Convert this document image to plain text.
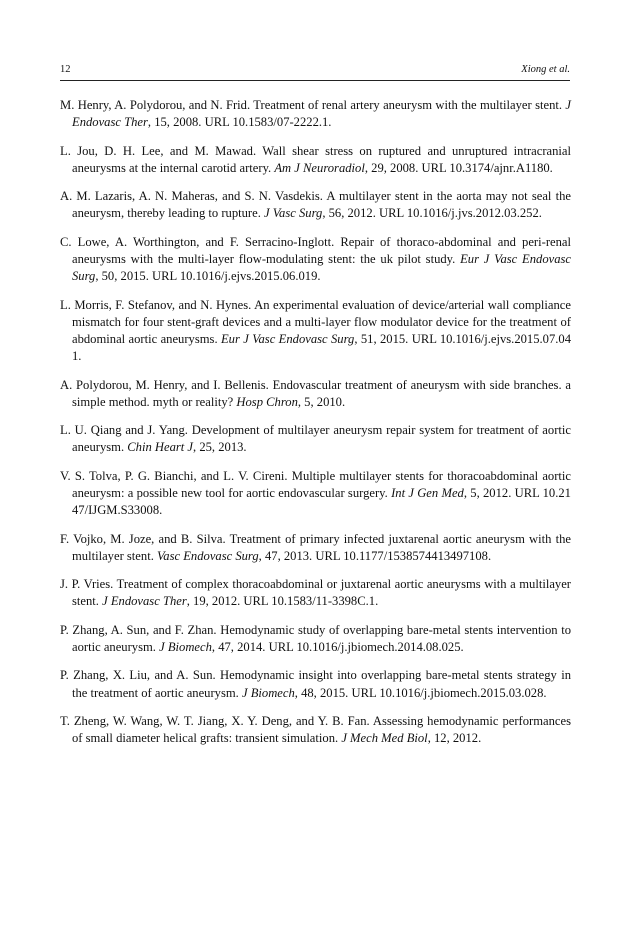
12	Xiong et al.

M. Henry, A. Polydorou, and N. Frid. Treatment of renal artery aneurysm with the multilayer stent. J Endovasc Ther, 15, 2008. URL 10.1583/07-2222.1.

L. Jou, D. H. Lee, and M. Mawad. Wall shear stress on ruptured and unruptured intracranial aneurysms at the internal carotid artery. Am J Neuroradiol, 29, 2008. URL 10.3174/ajnr.A1180.

A. M. Lazaris, A. N. Maheras, and S. N. Vasdekis. A multilayer stent in the aorta may not seal the aneurysm, thereby leading to rupture. J Vasc Surg, 56, 2012. URL 10.1016/j.jvs.2012.03.252.

C. Lowe, A. Worthington, and F. Serracino-Inglott. Repair of thoraco-abdominal and peri-renal aneurysms with the multi-layer flow-modulating stent: the uk pilot study. Eur J Vasc Endovasc Surg, 50, 2015. URL 10.1016/j.ejvs.2015.06.019.

L. Morris, F. Stefanov, and N. Hynes. An experimental evaluation of device/arterial wall compliance mismatch for four stent-graft devices and a multi-layer flow modulator device for the treatment of abdominal aortic aneurysms. Eur J Vasc Endovasc Surg, 51, 2015. URL 10.1016/j.ejvs.2015.07.041.

A. Polydorou, M. Henry, and I. Bellenis. Endovascular treatment of aneurysm with side branches. a simple method. myth or reality? Hosp Chron, 5, 2010.

L. U. Qiang and J. Yang. Development of multilayer aneurysm repair system for treatment of aortic aneurysm. Chin Heart J, 25, 2013.

V. S. Tolva, P. G. Bianchi, and L. V. Cireni. Multiple multilayer stents for thoracoabdominal aortic aneurysm: a possible new tool for aortic endovascular surgery. Int J Gen Med, 5, 2012. URL 10.2147/IJGM.S33008.

F. Vojko, M. Joze, and B. Silva. Treatment of primary infected juxtarenal aortic aneurysm with the multilayer stent. Vasc Endovasc Surg, 47, 2013. URL 10.1177/1538574413497108.

J. P. Vries. Treatment of complex thoracoabdominal or juxtarenal aortic aneurysms with a multilayer stent. J Endovasc Ther, 19, 2012. URL 10.1583/11-3398C.1.

P. Zhang, A. Sun, and F. Zhan. Hemodynamic study of overlapping bare-metal stents intervention to aortic aneurysm. J Biomech, 47, 2014. URL 10.1016/j.jbiomech.2014.08.025.

P. Zhang, X. Liu, and A. Sun. Hemodynamic insight into overlapping bare-metal stents strategy in the treatment of aortic aneurysm. J Biomech, 48, 2015. URL 10.1016/j.jbiomech.2015.03.028.

T. Zheng, W. Wang, W. T. Jiang, X. Y. Deng, and Y. B. Fan. Assessing hemodynamic performances of small diameter helical grafts: transient simulation. J Mech Med Biol, 12, 2012.
